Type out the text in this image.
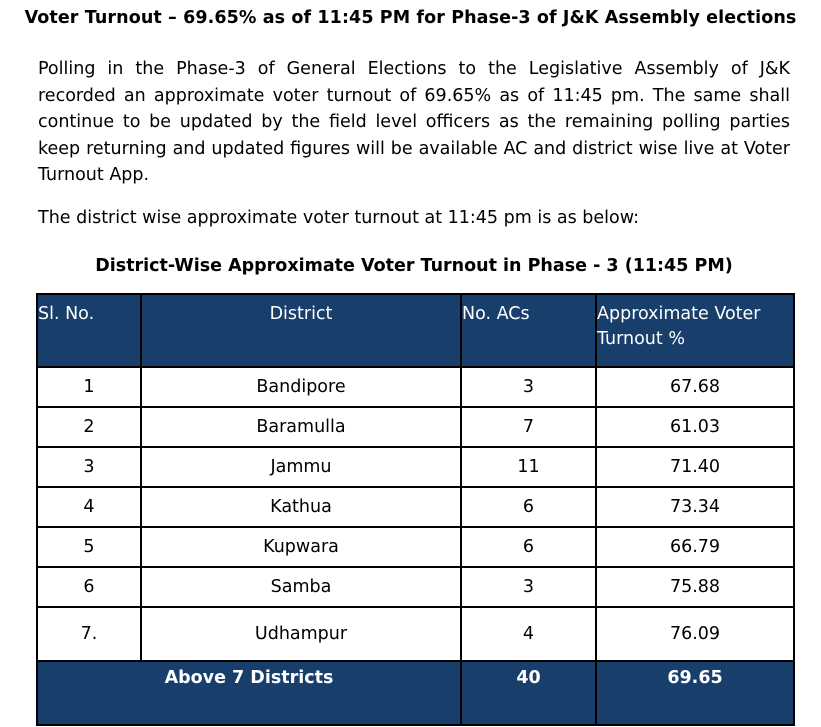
Voter Turnout – 69.65% as of 11:45 PM for Phase-3 of J&K Assembly elections
Polling in the Phase-3 of General Elections to the Legislative Assembly of J&K recorded an approximate voter turnout of 69.65% as of 11:45 pm. The same shall continue to be updated by the field level officers as the remaining polling parties keep returning and updated figures will be available AC and district wise live at Voter Turnout App.
The district wise approximate voter turnout at 11:45 pm is as below:
District-Wise Approximate Voter Turnout in Phase - 3 (11:45 PM)
Sl. No.	District	No. ACs	Approximate Voter Turnout %
1	Bandipore	3	67.68
2	Baramulla	7	61.03
3	Jammu	11	71.40
4	Kathua	6	73.34
5	Kupwara	6	66.79
6	Samba	3	75.88
7.	Udhampur	4	76.09
Above 7 Districts		40	69.65
